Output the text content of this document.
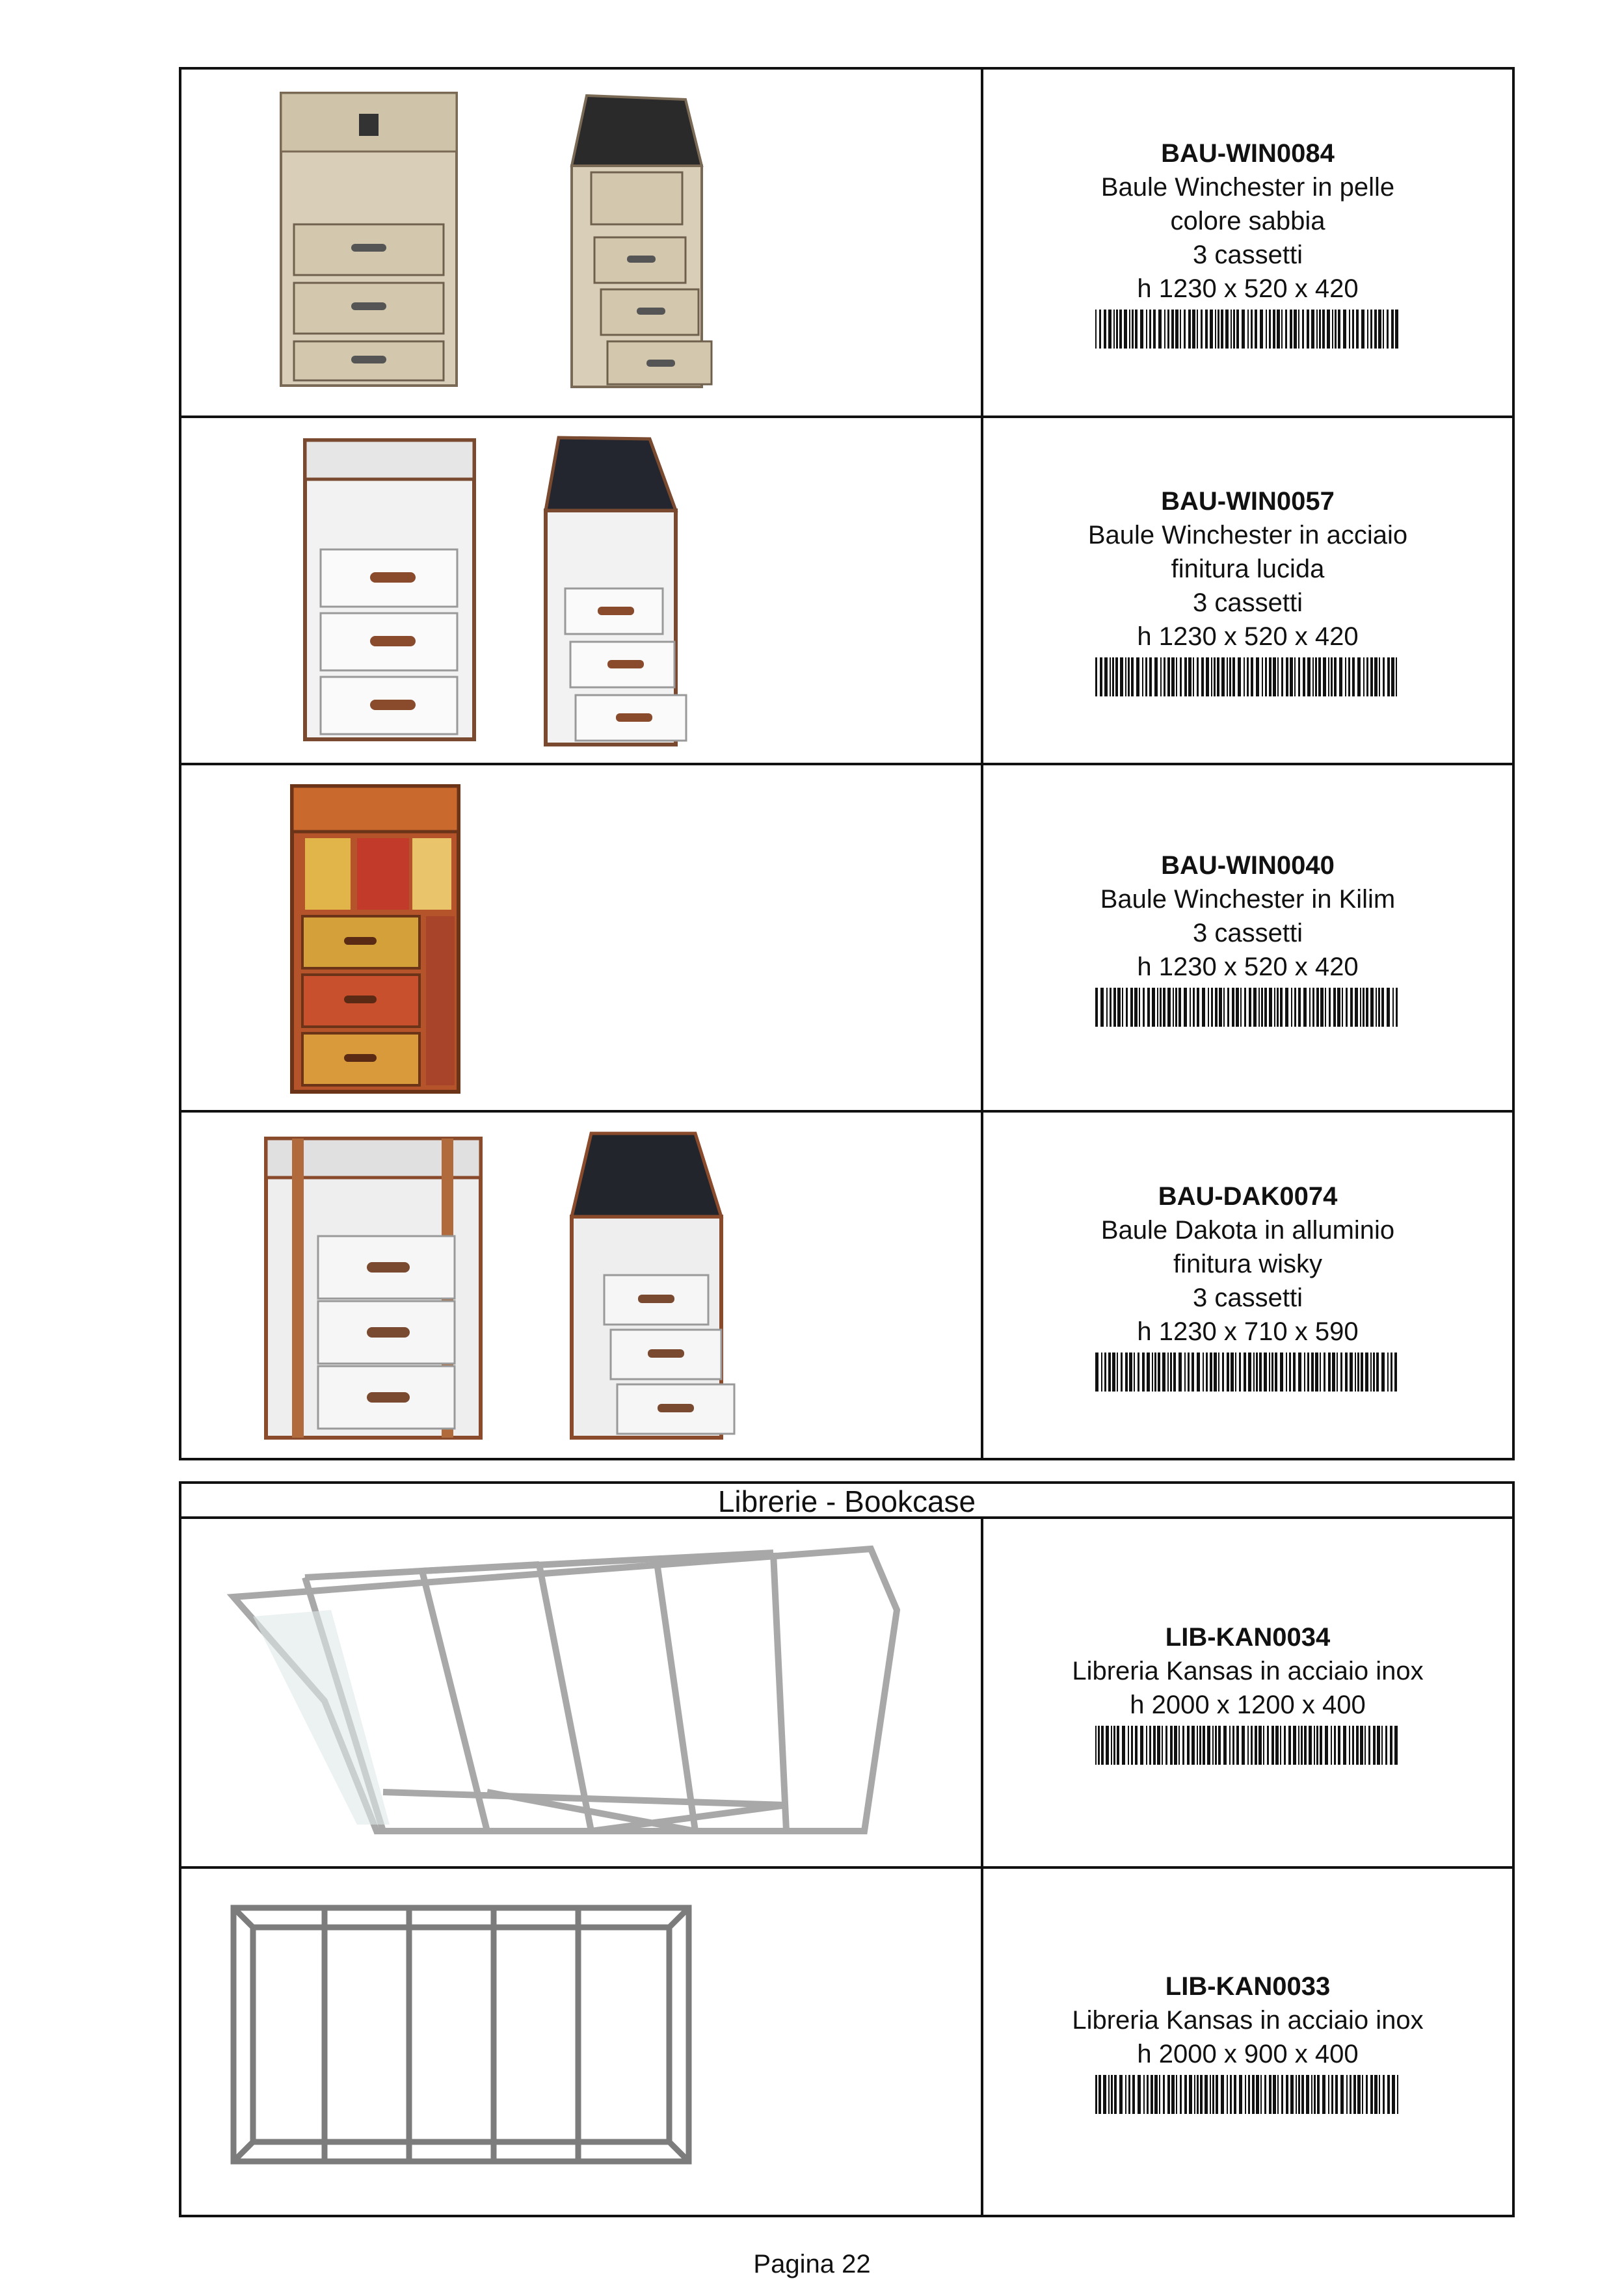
BAU-WIN0084
Baule Winchester in pelle
colore sabbia
3 cassetti
h 1230 x 520 x 420
BAU-WIN0057
Baule Winchester in acciaio
finitura lucida
3 cassetti
h 1230 x 520 x 420
BAU-WIN0040
Baule Winchester in Kilim
3 cassetti
h 1230 x 520 x 420
BAU-DAK0074
Baule Dakota in alluminio
finitura wisky
3 cassetti
h 1230 x 710 x 590
Librerie - Bookcase
LIB-KAN0034
Libreria Kansas in acciaio inox
h 2000 x 1200 x 400
LIB-KAN0033
Libreria Kansas in acciaio inox
h 2000 x 900 x 400
Pagina 22
